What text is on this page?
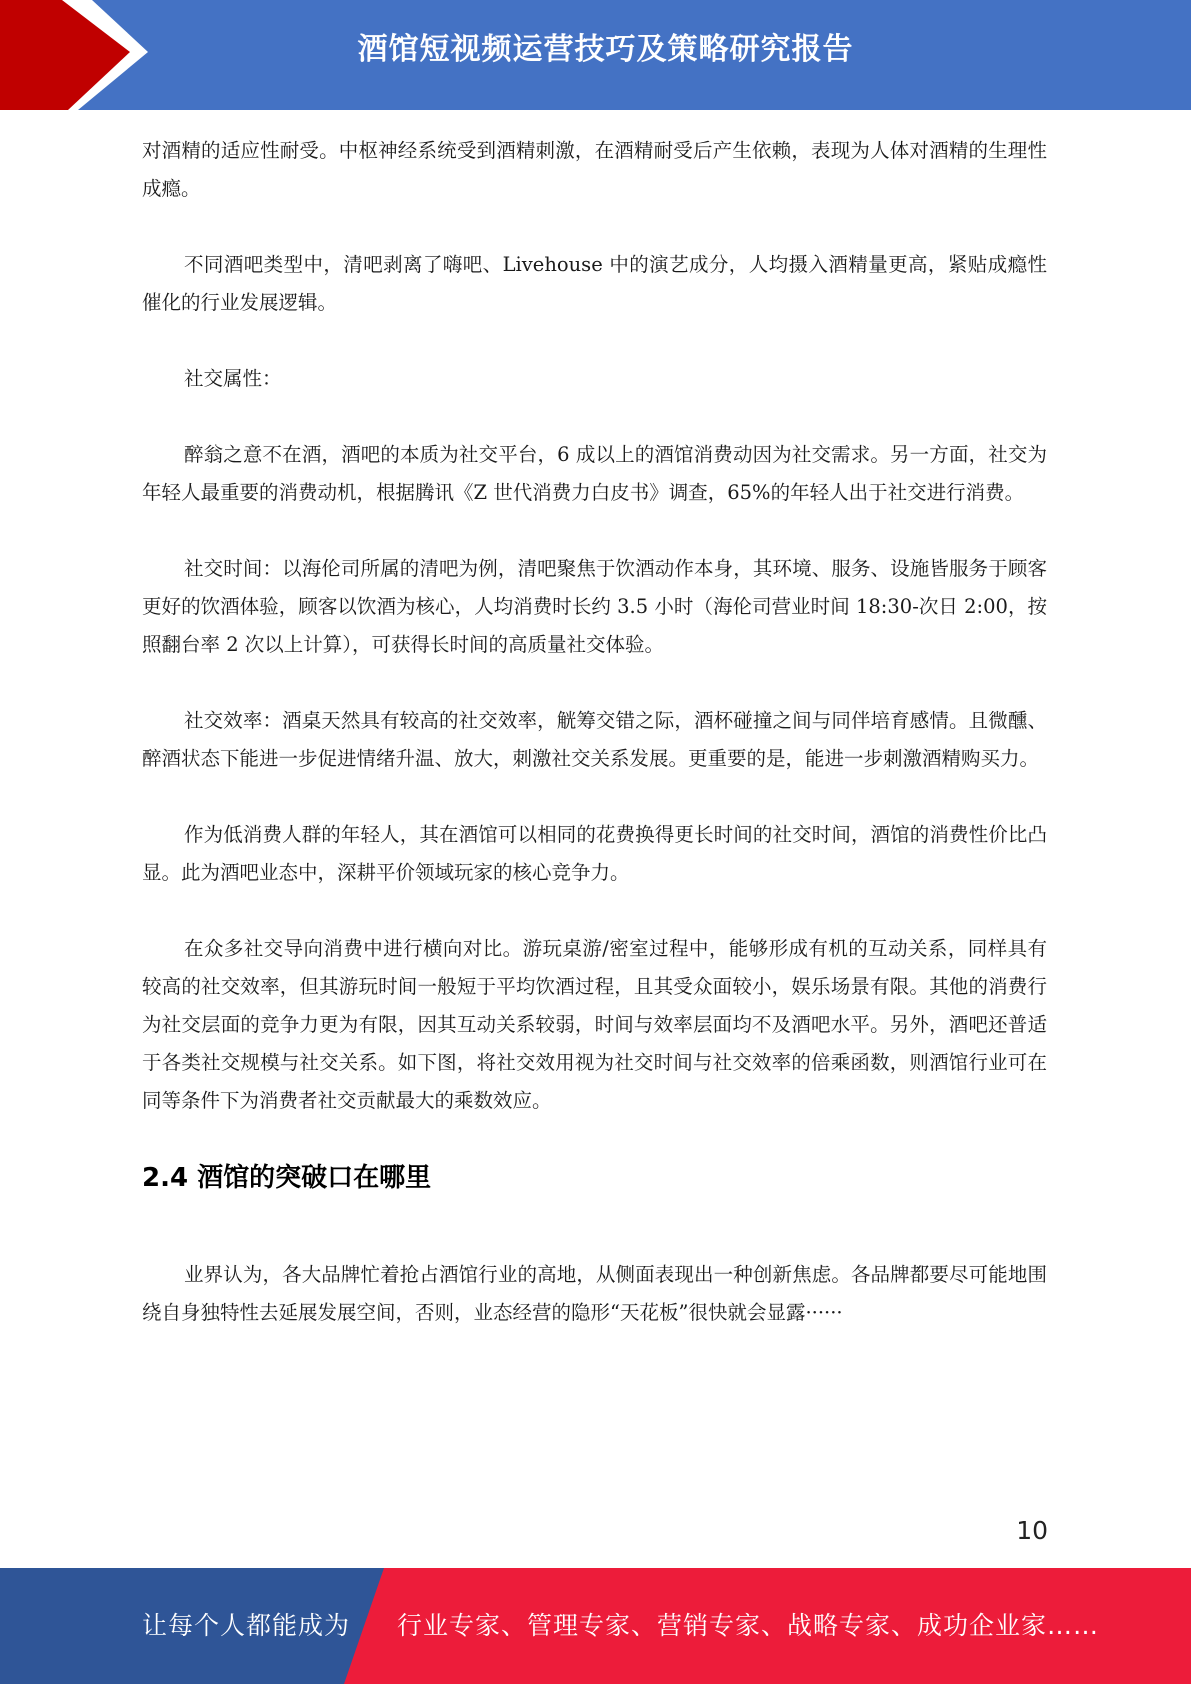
酒馆短视频运营技巧及策略研究报告

对酒精的适应性耐受。中枢神经系统受到酒精刺激，在酒精耐受后产生依赖，表现为人体对酒精的生理性成瘾。

不同酒吧类型中，清吧剥离了嗨吧、Livehouse 中的演艺成分，人均摄入酒精量更高，紧贴成瘾性催化的行业发展逻辑。

社交属性：

醉翁之意不在酒，酒吧的本质为社交平台，6 成以上的酒馆消费动因为社交需求。另一方面，社交为年轻人最重要的消费动机，根据腾讯《Z 世代消费力白皮书》调查，65%的年轻人出于社交进行消费。

社交时间：以海伦司所属的清吧为例，清吧聚焦于饮酒动作本身，其环境、服务、设施皆服务于顾客更好的饮酒体验，顾客以饮酒为核心，人均消费时长约 3.5 小时（海伦司营业时间 18:30-次日 2:00，按照翻台率 2 次以上计算），可获得长时间的高质量社交体验。

社交效率：酒桌天然具有较高的社交效率，觥筹交错之际，酒杯碰撞之间与同伴培育感情。且微醺、醉酒状态下能进一步促进情绪升温、放大，刺激社交关系发展。更重要的是，能进一步刺激酒精购买力。

作为低消费人群的年轻人，其在酒馆可以相同的花费换得更长时间的社交时间，酒馆的消费性价比凸显。此为酒吧业态中，深耕平价领域玩家的核心竞争力。

在众多社交导向消费中进行横向对比。游玩桌游/密室过程中，能够形成有机的互动关系，同样具有较高的社交效率，但其游玩时间一般短于平均饮酒过程，且其受众面较小，娱乐场景有限。其他的消费行为社交层面的竞争力更为有限，因其互动关系较弱，时间与效率层面均不及酒吧水平。另外，酒吧还普适于各类社交规模与社交关系。如下图，将社交效用视为社交时间与社交效率的倍乘函数，则酒馆行业可在同等条件下为消费者社交贡献最大的乘数效应。

2.4 酒馆的突破口在哪里

业界认为，各大品牌忙着抢占酒馆行业的高地，从侧面表现出一种创新焦虑。各品牌都要尽可能地围绕自身独特性去延展发展空间，否则，业态经营的隐形“天花板”很快就会显露······

10
让每个人都能成为 行业专家、管理专家、营销专家、战略专家、成功企业家……
